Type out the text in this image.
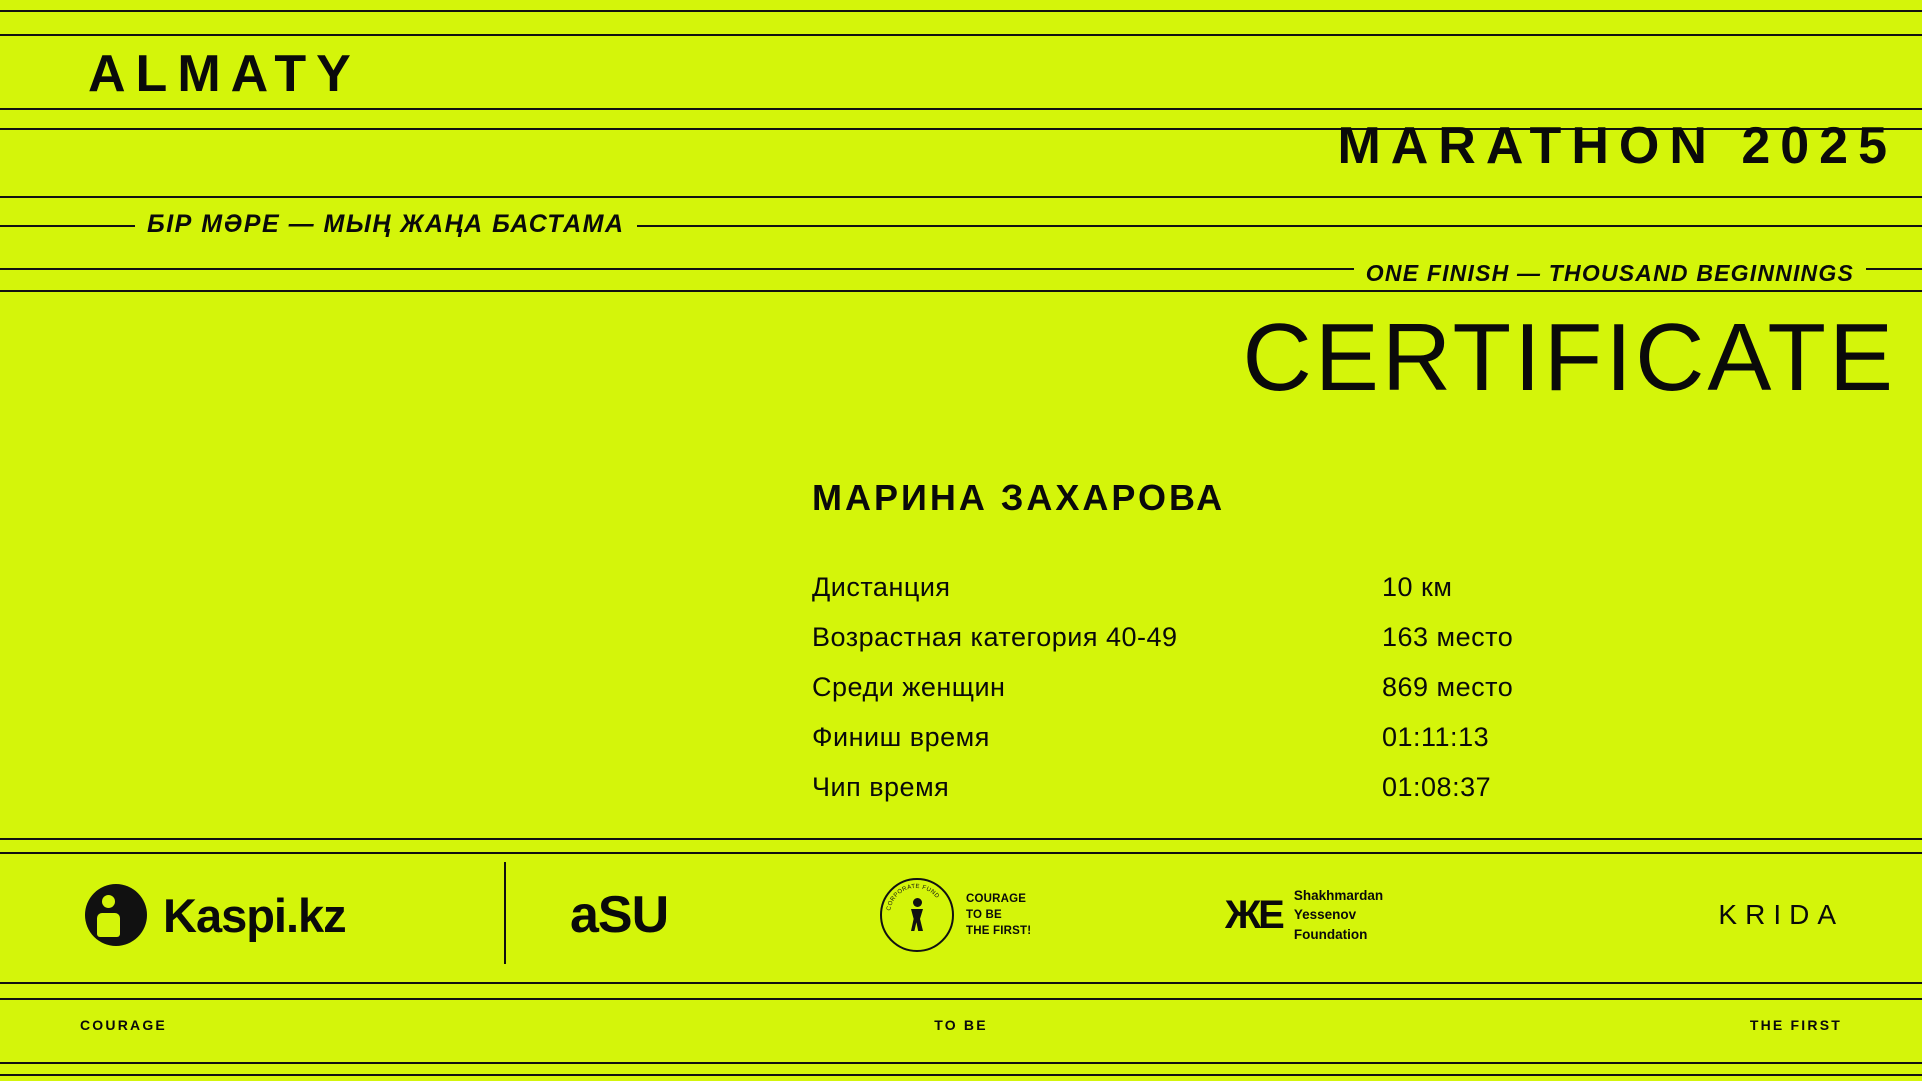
ALMATY
MARATHON 2025
БІР МӘРЕ — МЫҢ ЖАҢА БАСТАМА
ONE FINISH — THOUSAND BEGINNINGS
CERTIFICATE
МАРИНА ЗАХАРОВА
Дистанция	10 км
Возрастная категория 40-49	163 место
Среди женщин	869 место
Финиш время	01:11:13
Чип время	01:08:37
Kaspi.kz	aSU	CORPORATE FUND COURAGE
TO BE
THE FIRST!	ЖЕ Shakhmardan
Yessenov
Foundation
KRIDA
COURAGE	TO BE	THE FIRST
